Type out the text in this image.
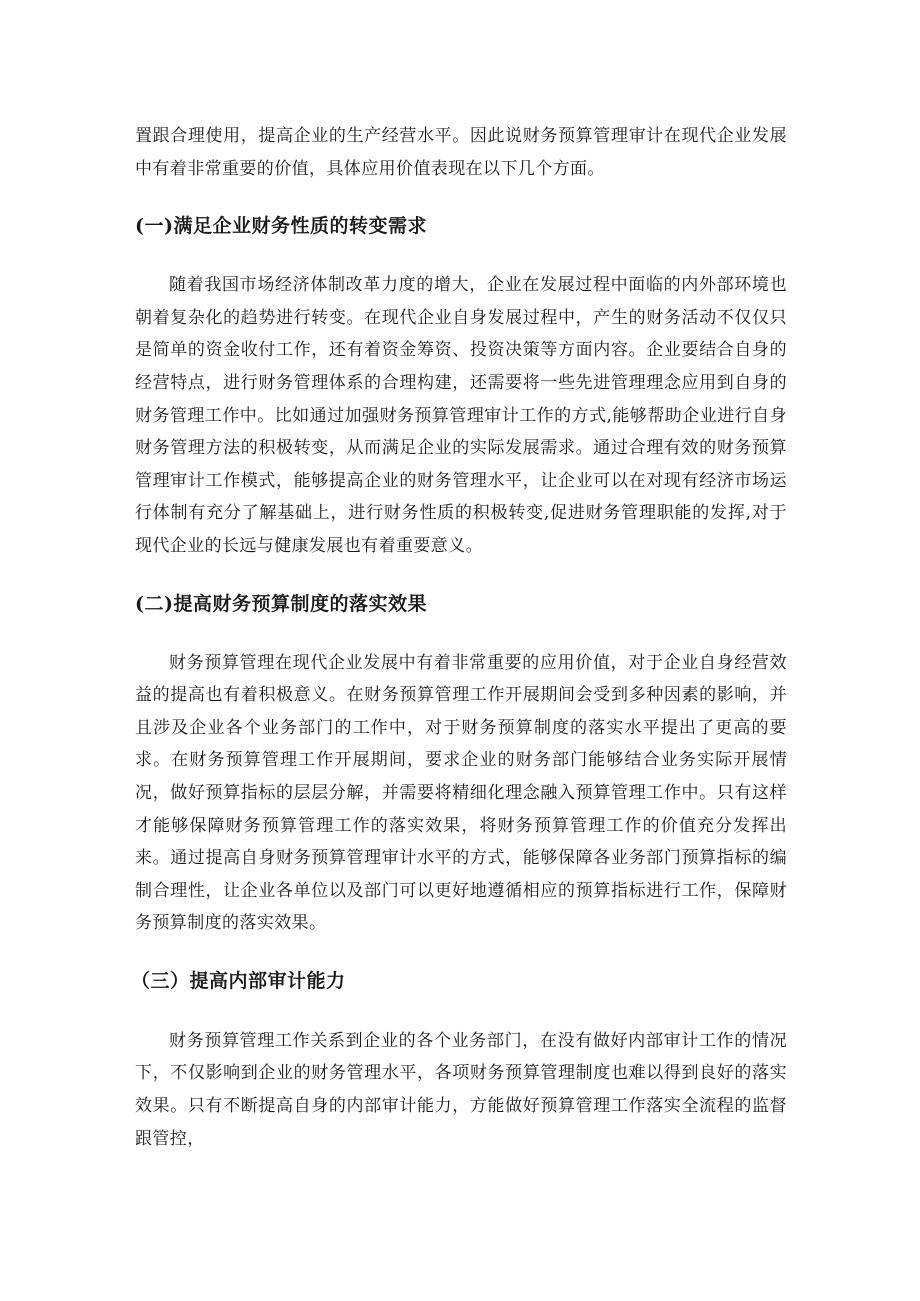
置跟合理使用，提高企业的生产经营水平。因此说财务预算管理审计在现代企业发展中有着非常重要的价值，具体应用价值表现在以下几个方面。

(一)满足企业财务性质的转变需求

随着我国市场经济体制改革力度的增大，企业在发展过程中面临的内外部环境也朝着复杂化的趋势进行转变。在现代企业自身发展过程中，产生的财务活动不仅仅只是简单的资金收付工作，还有着资金筹资、投资决策等方面内容。企业要结合自身的经营特点，进行财务管理体系的合理构建，还需要将一些先进管理理念应用到自身的财务管理工作中。比如通过加强财务预算管理审计工作的方式,能够帮助企业进行自身财务管理方法的积极转变，从而满足企业的实际发展需求。通过合理有效的财务预算管理审计工作模式，能够提高企业的财务管理水平，让企业可以在对现有经济市场运行体制有充分了解基础上，进行财务性质的积极转变,促进财务管理职能的发挥,对于现代企业的长远与健康发展也有着重要意义。

(二)提高财务预算制度的落实效果

财务预算管理在现代企业发展中有着非常重要的应用价值，对于企业自身经营效益的提高也有着积极意义。在财务预算管理工作开展期间会受到多种因素的影响，并且涉及企业各个业务部门的工作中，对于财务预算制度的落实水平提出了更高的要求。在财务预算管理工作开展期间，要求企业的财务部门能够结合业务实际开展情况，做好预算指标的层层分解，并需要将精细化理念融入预算管理工作中。只有这样才能够保障财务预算管理工作的落实效果，将财务预算管理工作的价值充分发挥出来。通过提高自身财务预算管理审计水平的方式，能够保障各业务部门预算指标的编制合理性，让企业各单位以及部门可以更好地遵循相应的预算指标进行工作，保障财务预算制度的落实效果。

（三）提高内部审计能力

财务预算管理工作关系到企业的各个业务部门，在没有做好内部审计工作的情况下，不仅影响到企业的财务管理水平，各项财务预算管理制度也难以得到良好的落实效果。只有不断提高自身的内部审计能力，方能做好预算管理工作落实全流程的监督跟管控，
